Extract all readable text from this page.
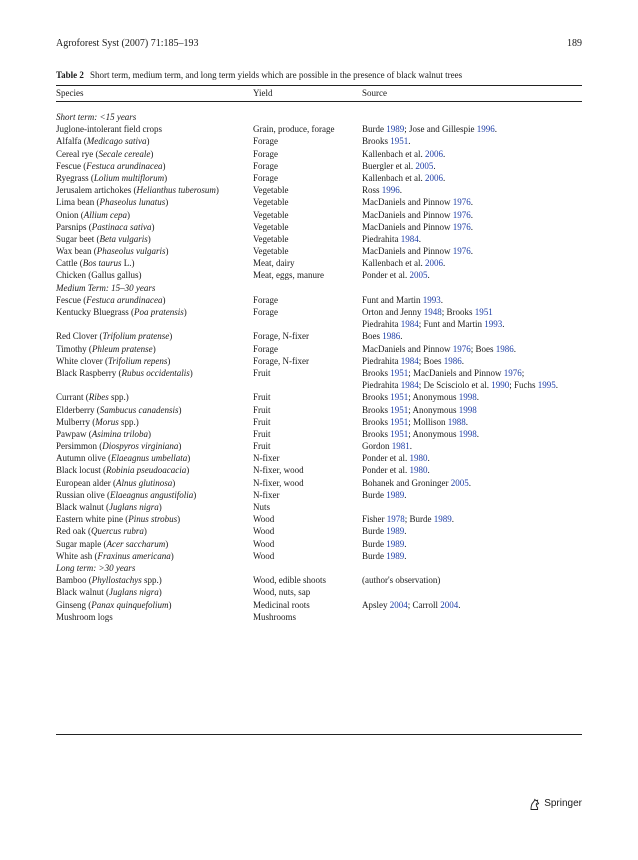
Agroforest Syst (2007) 71:185–193	189
Table 2 Short term, medium term, and long term yields which are possible in the presence of black walnut trees
Species	Yield	Source
Short term: <15 years
Juglone-intolerant field crops	Grain, produce, forage	Burde 1989; Jose and Gillespie 1996.
Alfalfa (Medicago sativa)	Forage	Brooks 1951.
Cereal rye (Secale cereale)	Forage	Kallenbach et al. 2006.
Fescue (Festuca arundinacea)	Forage	Buergler et al. 2005.
Ryegrass (Lolium multiflorum)	Forage	Kallenbach et al. 2006.
Jerusalem artichokes (Helianthus tuberosum)	Vegetable	Ross 1996.
Lima bean (Phaseolus lunatus)	Vegetable	MacDaniels and Pinnow 1976.
Onion (Allium cepa)	Vegetable	MacDaniels and Pinnow 1976.
Parsnips (Pastinaca sativa)	Vegetable	MacDaniels and Pinnow 1976.
Sugar beet (Beta vulgaris)	Vegetable	Piedrahita 1984.
Wax bean (Phaseolus vulgaris)	Vegetable	MacDaniels and Pinnow 1976.
Cattle (Bos taurus L.)	Meat, dairy	Kallenbach et al. 2006.
Chicken (Gallus gallus)	Meat, eggs, manure	Ponder et al. 2005.
Medium Term: 15–30 years
Fescue (Festuca arundinacea)	Forage	Funt and Martin 1993.
Kentucky Bluegrass (Poa pratensis)	Forage	Orton and Jenny 1948; Brooks 1951
Piedrahita 1984; Funt and Martin 1993.
Red Clover (Trifolium pratense)	Forage, N-fixer	Boes 1986.
Timothy (Phleum pratense)	Forage	MacDaniels and Pinnow 1976; Boes 1986.
White clover (Trifolium repens)	Forage, N-fixer	Piedrahita 1984; Boes 1986.
Black Raspberry (Rubus occidentalis)	Fruit	Brooks 1951; MacDaniels and Pinnow 1976;
Piedrahita 1984; De Scisciolo et al. 1990; Fuchs 1995.
Currant (Ribes spp.)	Fruit	Brooks 1951; Anonymous 1998.
Elderberry (Sambucus canadensis)	Fruit	Brooks 1951; Anonymous 1998
Mulberry (Morus spp.)	Fruit	Brooks 1951; Mollison 1988.
Pawpaw (Asimina triloba)	Fruit	Brooks 1951; Anonymous 1998.
Persimmon (Diospyros virginiana)	Fruit	Gordon 1981.
Autumn olive (Elaeagnus umbellata)	N-fixer	Ponder et al. 1980.
Black locust (Robinia pseudoacacia)	N-fixer, wood	Ponder et al. 1980.
European alder (Alnus glutinosa)	N-fixer, wood	Bohanek and Groninger 2005.
Russian olive (Elaeagnus angustifolia)	N-fixer	Burde 1989.
Black walnut (Juglans nigra)	Nuts
Eastern white pine (Pinus strobus)	Wood	Fisher 1978; Burde 1989.
Red oak (Quercus rubra)	Wood	Burde 1989.
Sugar maple (Acer saccharum)	Wood	Burde 1989.
White ash (Fraxinus americana)	Wood	Burde 1989.
Long term: >30 years
Bamboo (Phyllostachys spp.)	Wood, edible shoots	(author's observation)
Black walnut (Juglans nigra)	Wood, nuts, sap
Ginseng (Panax quinquefolium)	Medicinal roots	Apsley 2004; Carroll 2004.
Mushroom logs	Mushrooms
Springer
